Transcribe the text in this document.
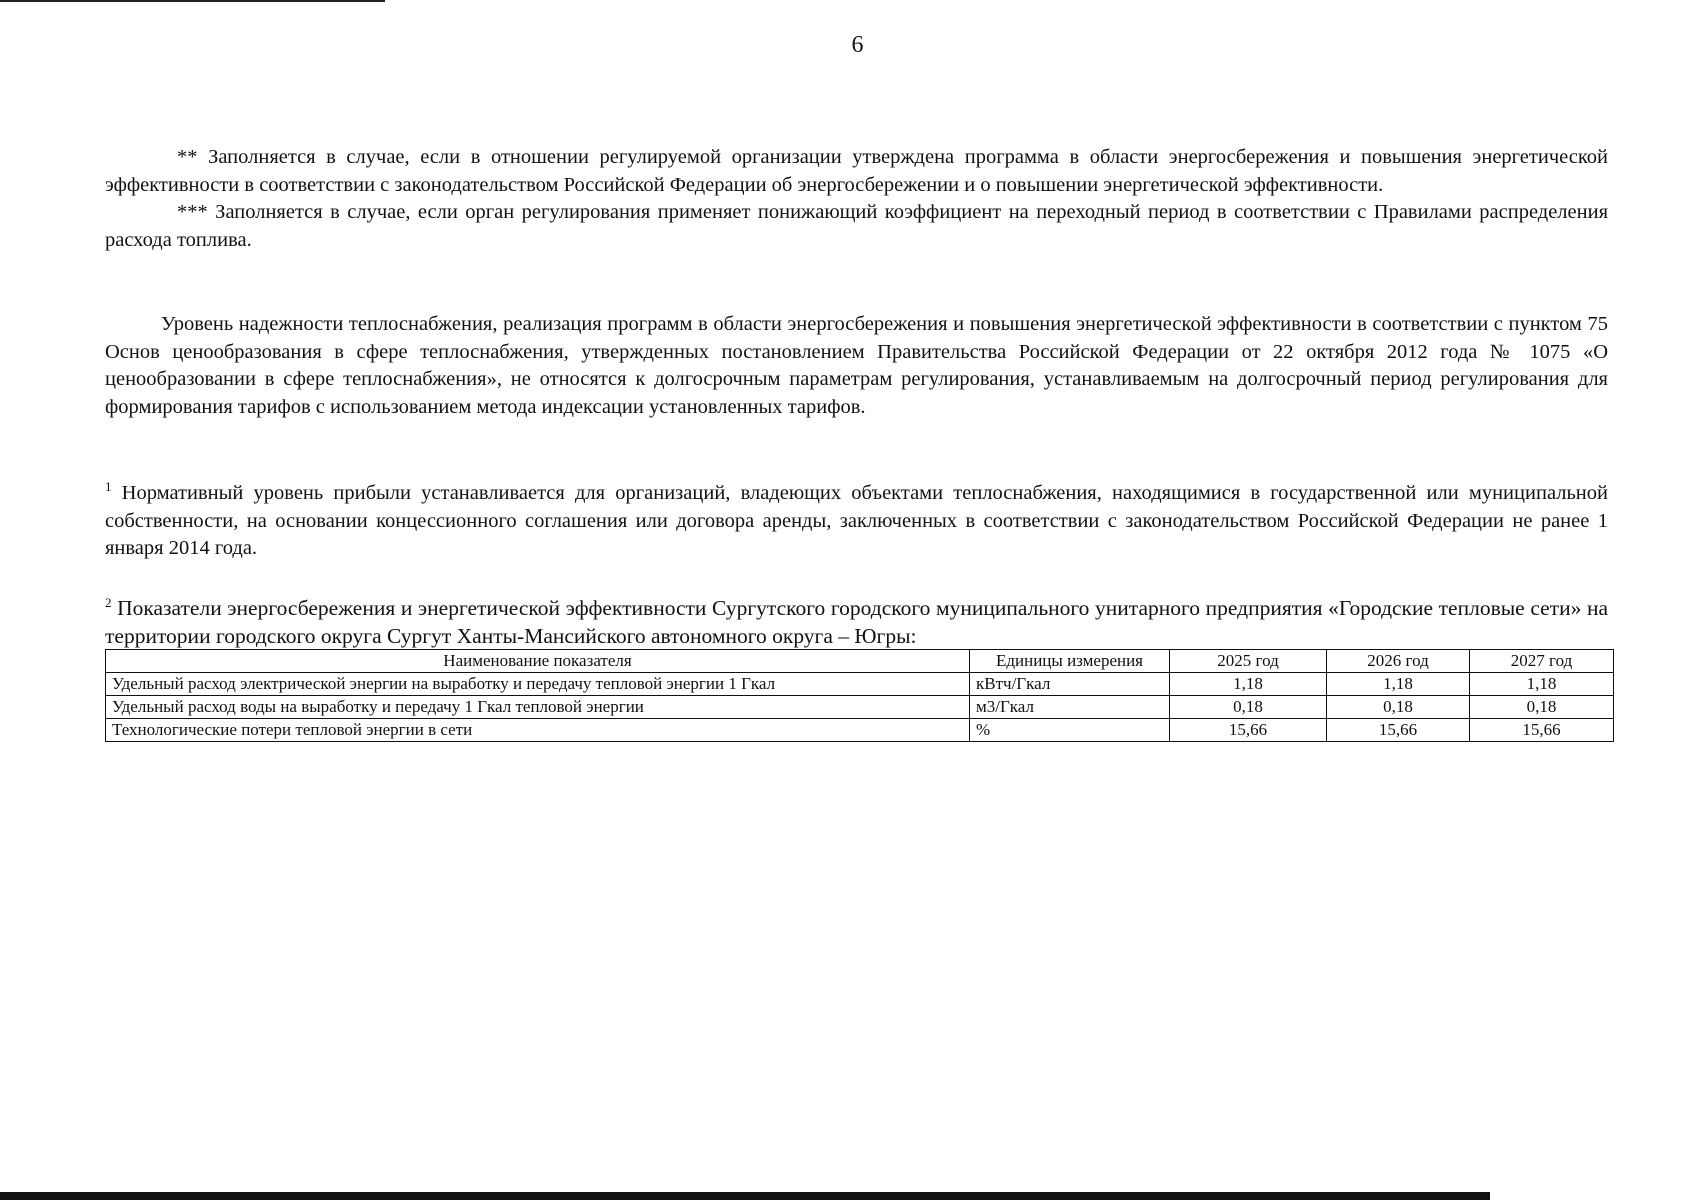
6

** Заполняется в случае, если в отношении регулируемой организации утверждена программа в области энергосбережения и повышения энергетической эффективности в соответствии с законодательством Российской Федерации об энергосбережении и о повышении энергетической эффективности.

*** Заполняется в случае, если орган регулирования применяет понижающий коэффициент на переходный период в соответствии с Правилами распределения расхода топлива.

Уровень надежности теплоснабжения, реализация программ в области энергосбережения и повышения энергетической эффективности в соответствии с пунктом 75 Основ ценообразования в сфере теплоснабжения, утвержденных постановлением Правительства Российской Федерации от 22 октября 2012 года № 1075 «О ценообразовании в сфере теплоснабжения», не относятся к долгосрочным параметрам регулирования, устанавливаемым на долгосрочный период регулирования для формирования тарифов с использованием метода индексации установленных тарифов.

$^1$ Нормативный уровень прибыли устанавливается для организаций, владеющих объектами теплоснабжения, находящимися в государственной или муниципальной собственности, на основании концессионного соглашения или договора аренды, заключенных в соответствии с законодательством Российской Федерации не ранее 1 января 2014 года.

$^2$ Показатели энергосбережения и энергетической эффективности Сургутского городского муниципального унитарного предприятия «Городские тепловые сети» на территории городского округа Сургут Ханты-Мансийского автономного округа – Югры:

Наименование показателя	Единицы измерения	2025 год	2026 год	2027 год
Удельный расход электрической энергии на выработку и передачу тепловой энергии 1 Гкал	кВтч/Гкал	1,18	1,18	1,18
Удельный расход воды на выработку и передачу 1 Гкал тепловой энергии	м3/Гкал	0,18	0,18	0,18
Технологические потери тепловой энергии в сети	%	15,66	15,66	15,66
